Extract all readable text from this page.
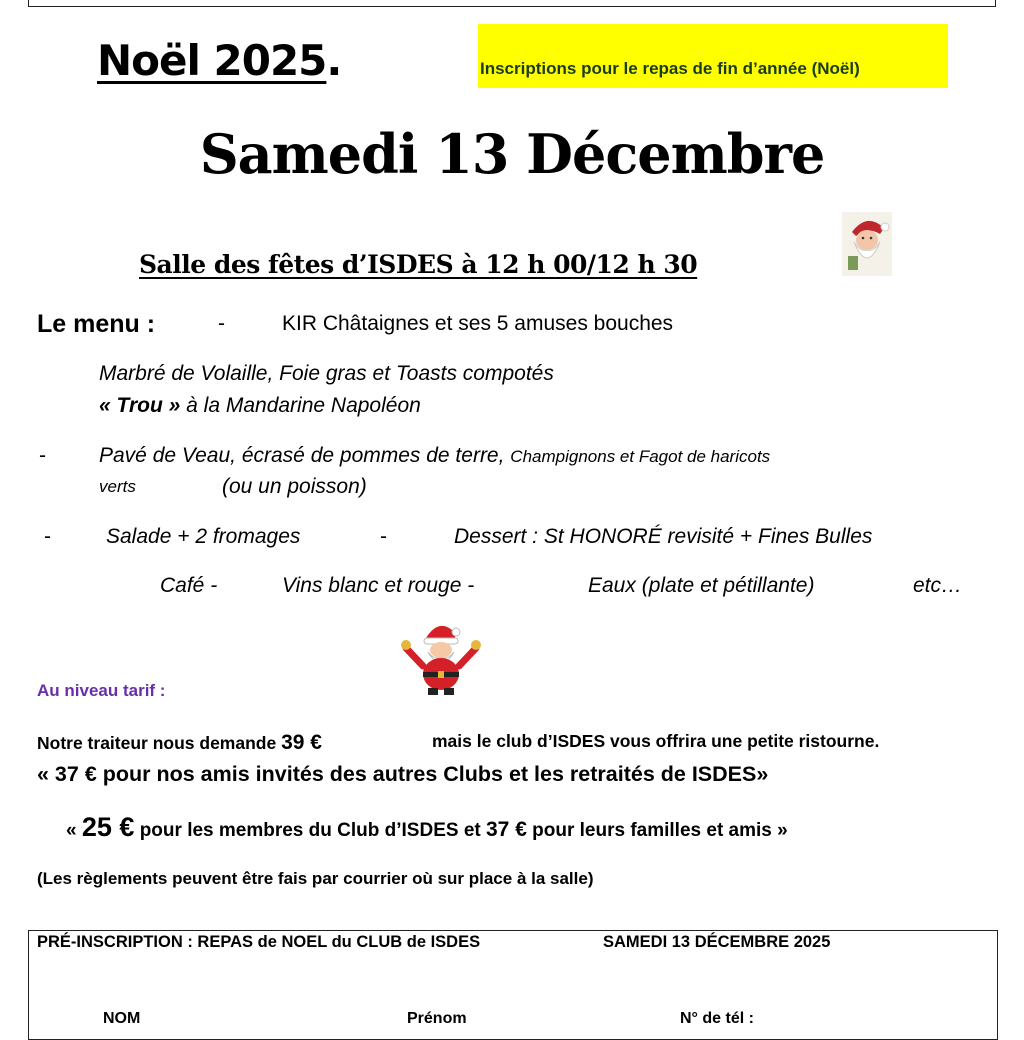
Noël 2025.	Inscriptions pour le repas de fin d’année (Noël)
Samedi 13 Décembre
Salle des fêtes d’ISDES à 12 h 00/12 h 30
Le menu :	-	KIR Châtaignes et ses 5 amuses bouches
Marbré de Volaille, Foie gras et Toasts compotés
« Trou » à la Mandarine Napoléon
-	Pavé de Veau, écrasé de pommes de terre, Champignons et Fagot de haricots
verts	(ou un poisson)
-	Salade + 2 fromages	-	Dessert : St HONORÉ revisité + Fines Bulles
Café -	Vins blanc et rouge -	Eaux (plate et pétillante)	etc…
Au niveau tarif :
Notre traiteur nous demande 39 €	mais le club d’ISDES vous offrira une petite ristourne.
« 37 € pour nos amis invités des autres Clubs et les retraités de ISDES»
« 25 € pour les membres du Club d’ISDES et 37 € pour leurs familles et amis »
(Les règlements peuvent être fais par courrier où sur place à la salle)
PRÉ-INSCRIPTION : REPAS de NOEL du CLUB de ISDES	SAMEDI 13 DÉCEMBRE 2025
NOM	Prénom	N° de tél :
